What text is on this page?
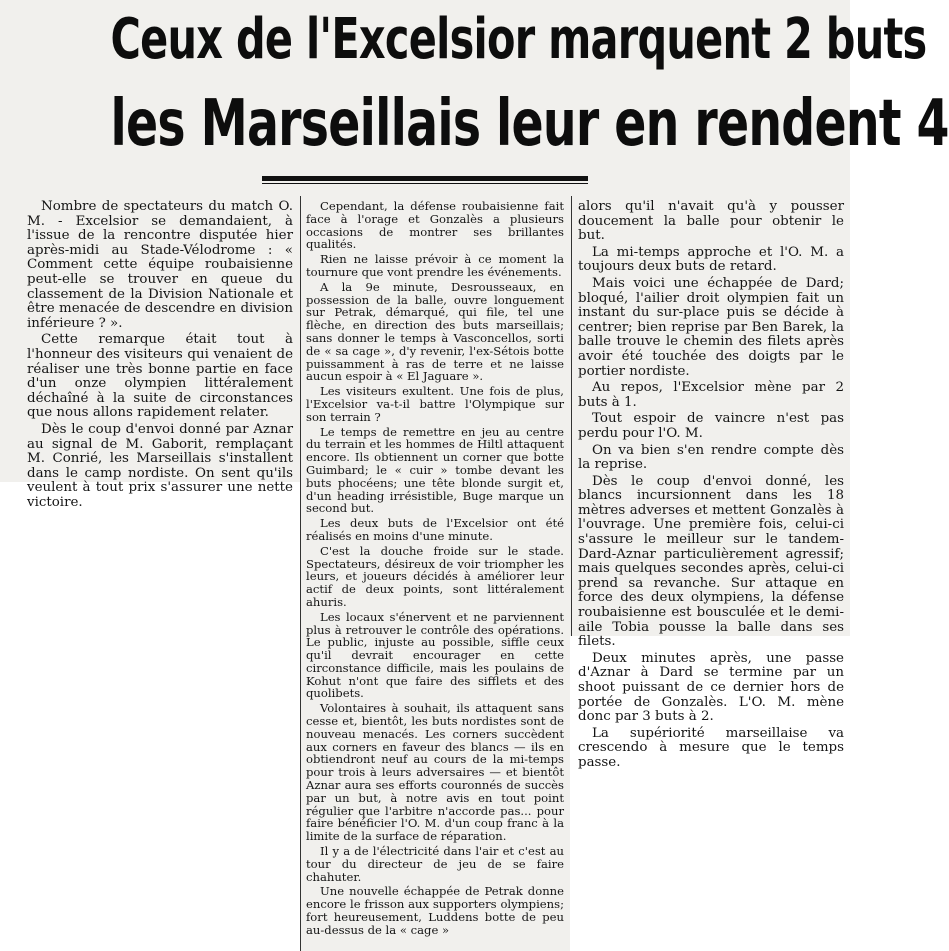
Ceux de l'Excelsior marquent 2 buts
les Marseillais leur en rendent 4

Nombre de spectateurs du match O. M. - Excelsior se demandaient, à l'issue de la rencontre disputée hier après-midi au Stade-Vélodrome : « Comment cette équipe roubaisienne peut-elle se trouver en queue du classement de la Division Nationale et être menacée de descendre en division inférieure ? ».

Cette remarque était tout à l'honneur des visiteurs qui venaient de réaliser une très bonne partie en face d'un onze olympien littéralement déchaîné à la suite de circonstances que nous allons rapidement relater.

Dès le coup d'envoi donné par Aznar au signal de M. Gaborit, remplaçant M. Conrié, les Marseillais s'installent dans le camp nordiste. On sent qu'ils veulent à tout prix s'assurer une nette victoire.

Cependant, la défense roubaisienne fait face à l'orage et Gonzalès a plusieurs occasions de montrer ses brillantes qualités.

Rien ne laisse prévoir à ce moment la tournure que vont prendre les événements.

A la 9e minute, Desrousseaux, en possession de la balle, ouvre longuement sur Petrak, démarqué, qui file, tel une flèche, en direction des buts marseillais; sans donner le temps à Vasconcellos, sorti de « sa cage », d'y revenir, l'ex-Sétois botte puissamment à ras de terre et ne laisse aucun espoir à « El Jaguare ».

Les visiteurs exultent. Une fois de plus, l'Excelsior va-t-il battre l'Olympique sur son terrain ?

Le temps de remettre en jeu au centre du terrain et les hommes de Hiltl attaquent encore. Ils obtiennent un corner que botte Guimbard; le « cuir » tombe devant les buts phocéens; une tête blonde surgit et, d'un heading irrésistible, Buge marque un second but.

Les deux buts de l'Excelsior ont été réalisés en moins d'une minute.

C'est la douche froide sur le stade. Spectateurs, désireux de voir triompher les leurs, et joueurs décidés à améliorer leur actif de deux points, sont littéralement ahuris.

Les locaux s'énervent et ne parviennent plus à retrouver le contrôle des opérations. Le public, injuste au possible, siffle ceux qu'il devrait encourager en cette circonstance difficile, mais les poulains de Kohut n'ont que faire des sifflets et des quolibets.

Volontaires à souhait, ils attaquent sans cesse et, bientôt, les buts nordistes sont de nouveau menacés. Les corners succèdent aux corners en faveur des blancs — ils en obtiendront neuf au cours de la mi-temps pour trois à leurs adversaires — et bientôt Aznar aura ses efforts couronnés de succès par un but, à notre avis en tout point régulier que l'arbitre n'accorde pas... pour faire bénéficier l'O. M. d'un coup franc à la limite de la surface de réparation.

Il y a de l'électricité dans l'air et c'est au tour du directeur de jeu de se faire chahuter.

Une nouvelle échappée de Petrak donne encore le frisson aux supporters olympiens; fort heureusement, Luddens botte de peu au-dessus de la « cage »

alors qu'il n'avait qu'à y pousser doucement la balle pour obtenir le but.

La mi-temps approche et l'O. M. a toujours deux buts de retard.

Mais voici une échappée de Dard; bloqué, l'ailier droit olympien fait un instant du sur-place puis se décide à centrer; bien reprise par Ben Barek, la balle trouve le chemin des filets après avoir été touchée des doigts par le portier nordiste.

Au repos, l'Excelsior mène par 2 buts à 1.

Tout espoir de vaincre n'est pas perdu pour l'O. M.

On va bien s'en rendre compte dès la reprise.

Dès le coup d'envoi donné, les blancs incursionnent dans les 18 mètres adverses et mettent Gonzalès à l'ouvrage. Une première fois, celui-ci s'assure le meilleur sur le tandem-Dard-Aznar particulièrement agressif; mais quelques secondes après, celui-ci prend sa revanche. Sur attaque en force des deux olympiens, la défense roubaisienne est bousculée et le demi-aile Tobia pousse la balle dans ses filets.

Deux minutes après, une passe d'Aznar à Dard se termine par un shoot puissant de ce dernier hors de portée de Gonzalès. L'O. M. mène donc par 3 buts à 2.

La supériorité marseillaise va crescendo à mesure que le temps passe.
